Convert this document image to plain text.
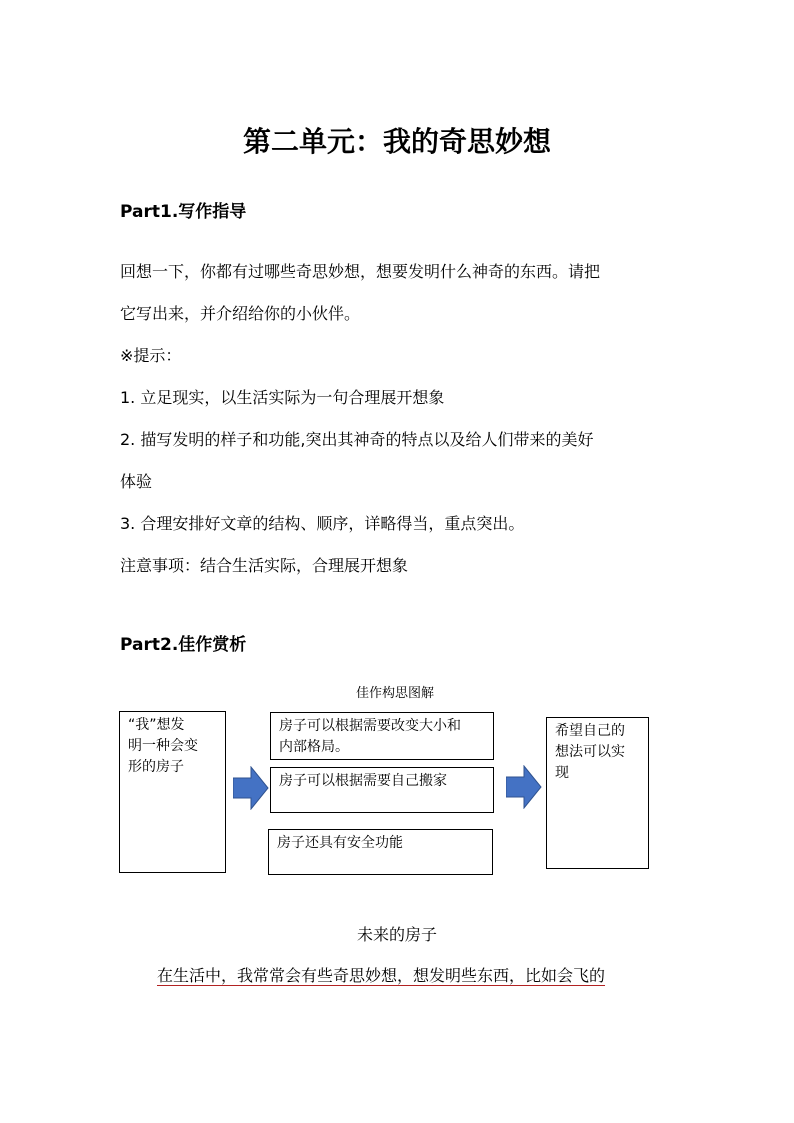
第二单元：我的奇思妙想
Part1.写作指导
回想一下，你都有过哪些奇思妙想，想要发明什么神奇的东西。请把
它写出来，并介绍给你的小伙伴。
※提示：
1. 立足现实，以生活实际为一句合理展开想象
2. 描写发明的样子和功能,突出其神奇的特点以及给人们带来的美好
体验
3. 合理安排好文章的结构、顺序，详略得当，重点突出。
注意事项：结合生活实际，合理展开想象
Part2.佳作赏析
佳作构思图解
“我”想发
明一种会变
形的房子
房子可以根据需要改变大小和
内部格局。
房子可以根据需要自己搬家
房子还具有安全功能
希望自己的
想法可以实
现
未来的房子
在生活中，我常常会有些奇思妙想，想发明些东西，比如会飞的
